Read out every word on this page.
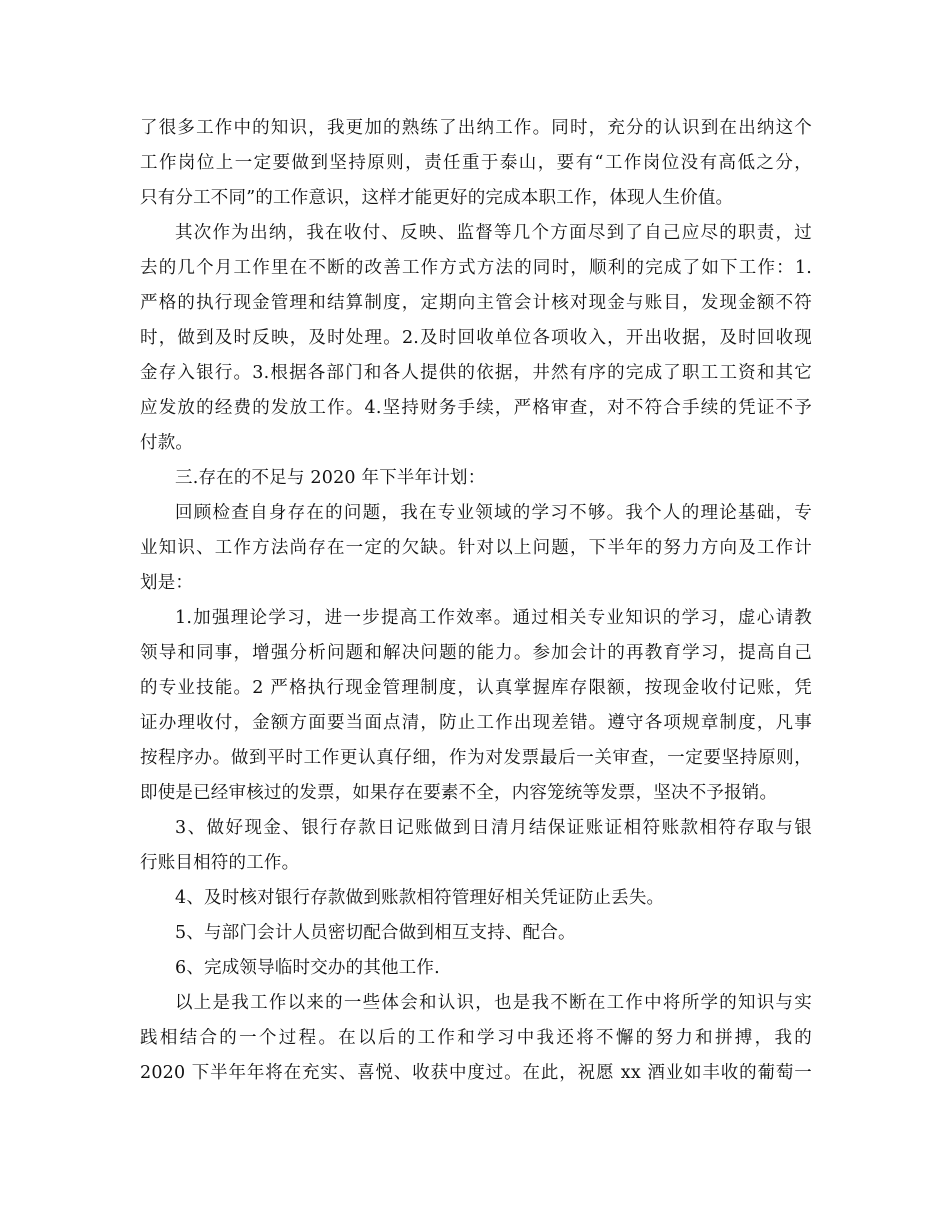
了很多工作中的知识，我更加的熟练了出纳工作。同时，充分的认识到在出纳这个
工作岗位上一定要做到坚持原则，责任重于泰山，要有“工作岗位没有高低之分，
只有分工不同”的工作意识，这样才能更好的完成本职工作，体现人生价值。
其次作为出纳，我在收付、反映、监督等几个方面尽到了自己应尽的职责，过
去的几个月工作里在不断的改善工作方式方法的同时，顺利的完成了如下工作：1.
严格的执行现金管理和结算制度，定期向主管会计核对现金与账目，发现金额不符
时，做到及时反映，及时处理。2.及时回收单位各项收入，开出收据，及时回收现
金存入银行。3.根据各部门和各人提供的依据，井然有序的完成了职工工资和其它
应发放的经费的发放工作。4.坚持财务手续，严格审查，对不符合手续的凭证不予
付款。
三.存在的不足与 2020 年下半年计划：
回顾检查自身存在的问题，我在专业领域的学习不够。我个人的理论基础，专
业知识、工作方法尚存在一定的欠缺。针对以上问题，下半年的努力方向及工作计
划是：
1.加强理论学习，进一步提高工作效率。通过相关专业知识的学习，虚心请教
领导和同事，增强分析问题和解决问题的能力。参加会计的再教育学习，提高自己
的专业技能。2 严格执行现金管理制度，认真掌握库存限额，按现金收付记账，凭
证办理收付，金额方面要当面点清，防止工作出现差错。遵守各项规章制度，凡事
按程序办。做到平时工作更认真仔细，作为对发票最后一关审查，一定要坚持原则，
即使是已经审核过的发票，如果存在要素不全，内容笼统等发票，坚决不予报销。
3、做好现金、银行存款日记账做到日清月结保证账证相符账款相符存取与银
行账目相符的工作。
4、及时核对银行存款做到账款相符管理好相关凭证防止丢失。
5、与部门会计人员密切配合做到相互支持、配合。
6、完成领导临时交办的其他工作.
以上是我工作以来的一些体会和认识，也是我不断在工作中将所学的知识与实
践相结合的一个过程。在以后的工作和学习中我还将不懈的努力和拼搏，我的
2020 下半年年将在充实、喜悦、收获中度过。在此，祝愿 xx 酒业如丰收的葡萄一
